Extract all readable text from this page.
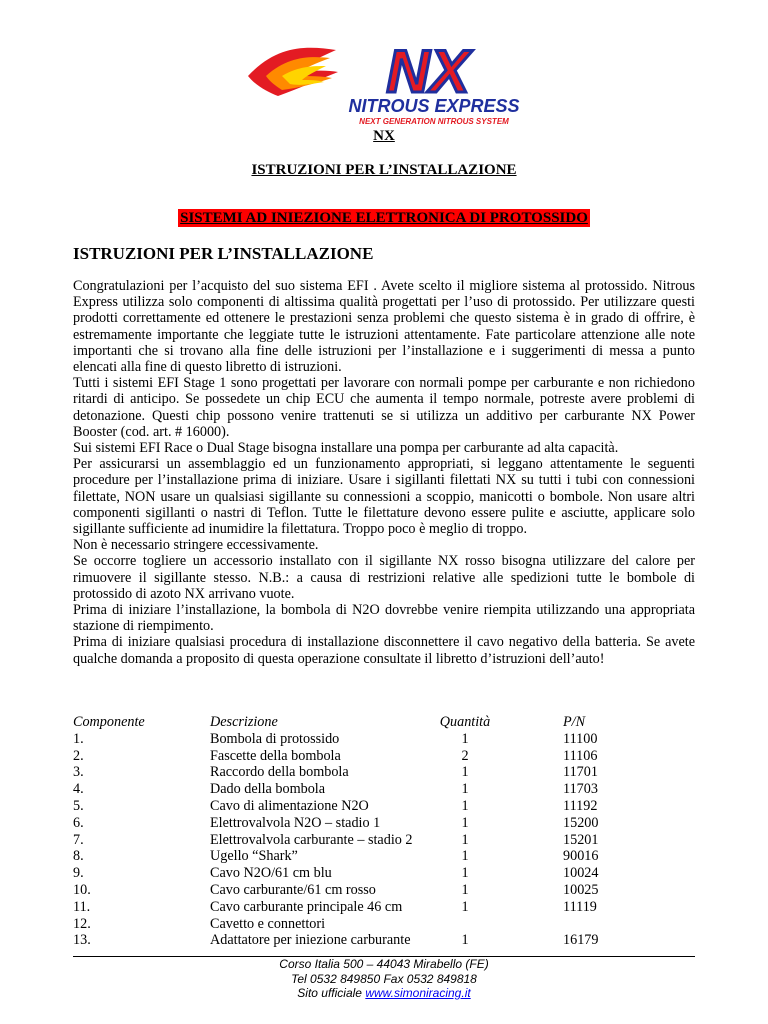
NX
NITROUS EXPRESS
NEXT GENERATION NITROUS SYSTEM
NX
ISTRUZIONI PER L’INSTALLAZIONE
SISTEMI AD INIEZIONE ELETTRONICA DI PROTOSSIDO
ISTRUZIONI PER L’INSTALLAZIONE

Congratulazioni per l’acquisto del suo sistema EFI . Avete scelto il migliore sistema al protossido. Nitrous Express utilizza solo componenti di altissima qualità progettati per l’uso di protossido. Per utilizzare questi prodotti correttamente ed ottenere le prestazioni senza problemi che questo sistema è in grado di offrire, è estremamente importante che leggiate tutte le istruzioni attentamente. Fate particolare attenzione alle note importanti che si trovano alla fine delle istruzioni per l’installazione e i suggerimenti di messa a punto elencati alla fine di questo libretto di istruzioni.

Tutti i sistemi EFI Stage 1 sono progettati per lavorare con normali pompe per carburante e non richiedono ritardi di anticipo. Se possedete un chip ECU che aumenta il tempo normale, potreste avere problemi di detonazione. Questi chip possono venire trattenuti se si utilizza un additivo per carburante NX Power Booster (cod. art. # 16000).

Sui sistemi EFI Race o Dual Stage bisogna installare una pompa per carburante ad alta capacità.

Per assicurarsi un assemblaggio ed un funzionamento appropriati, si leggano attentamente le seguenti procedure per l’installazione prima di iniziare. Usare i sigillanti filettati NX su tutti i tubi con connessioni filettate, NON usare un qualsiasi sigillante su connessioni a scoppio, manicotti o bombole. Non usare altri componenti sigillanti o nastri di Teflon. Tutte le filettature devono essere pulite e asciutte, applicare solo sigillante sufficiente ad inumidire la filettatura. Troppo poco è meglio di troppo.

Non è necessario stringere eccessivamente.

Se occorre togliere un accessorio installato con il sigillante NX rosso bisogna utilizzare del calore per rimuovere il sigillante stesso. N.B.: a causa di restrizioni relative alle spedizioni tutte le bombole di protossido di azoto NX arrivano vuote.

Prima di iniziare l’installazione, la bombola di N2O dovrebbe venire riempita utilizzando una appropriata stazione di riempimento.

Prima di iniziare qualsiasi procedura di installazione disconnettere il cavo negativo della batteria. Se avete qualche domanda a proposito di questa operazione consultate il libretto d’istruzioni dell’auto!

Componente	Descrizione	Quantità	P/N
1.	Bombola di protossido	1	11100
2.	Fascette della bombola	2	11106
3.	Raccordo della bombola	1	11701
4.	Dado della bombola	1	11703
5.	Cavo di alimentazione N2O	1	11192
6.	Elettrovalvola N2O – stadio 1	1	15200
7.	Elettrovalvola carburante – stadio 2	1	15201
8.	Ugello “Shark”	1	90016
9.	Cavo N2O/61 cm blu	1	10024
10.	Cavo carburante/61 cm rosso	1	10025
11.	Cavo carburante principale 46 cm	1	11119
12.	Cavetto e connettori
13.	Adattatore per iniezione carburante	1	16179
Corso Italia 500 – 44043 Mirabello (FE)
Tel 0532 849850 Fax 0532 849818
Sito ufficiale www.simoniracing.it
